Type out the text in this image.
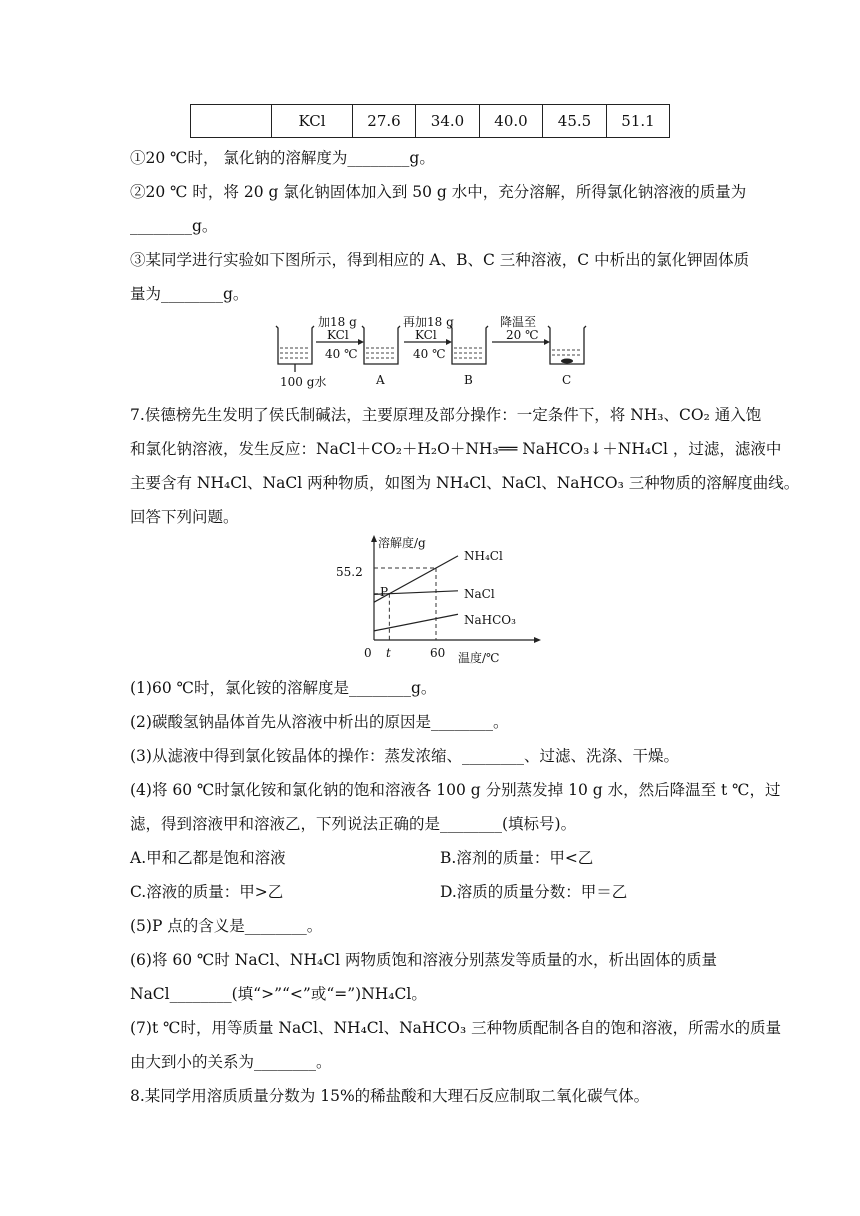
	KCl	27.6	34.0	40.0	45.5	51.1
①20 ℃时， 氯化钠的溶解度为________g。
②20 ℃ 时，将 20 g 氯化钠固体加入到 50 g 水中，充分溶解，所得氯化钠溶液的质量为
________g。
③某同学进行实验如下图所示，得到相应的 A、B、C 三种溶液，C 中析出的氯化钾固体质
量为________g。
加18 g
KCl
40 ℃
再加18 g
KCl
40 ℃
降温至
20 ℃
100 g水	A	B	C
7.侯德榜先生发明了侯氏制碱法，主要原理及部分操作：一定条件下，将 NH₃、CO₂ 通入饱
和氯化钠溶液，发生反应：NaCl＋CO₂＋H₂O＋NH₃══ NaHCO₃↓＋NH₄Cl ，过滤，滤液中
主要含有 NH₄Cl、NaCl 两种物质，如图为 NH₄Cl、NaCl、NaHCO₃ 三种物质的溶解度曲线。
回答下列问题。
溶解度/g
温度/℃
0 t	60
55.2
P
NH₄Cl
NaCl
NaHCO₃
(1)60 ℃时，氯化铵的溶解度是________g。
(2)碳酸氢钠晶体首先从溶液中析出的原因是________。
(3)从滤液中得到氯化铵晶体的操作：蒸发浓缩、________、过滤、洗涤、干燥。
(4)将 60 ℃时氯化铵和氯化钠的饱和溶液各 100 g 分别蒸发掉 10 g 水，然后降温至 t ℃，过
滤，得到溶液甲和溶液乙，下列说法正确的是________(填标号)。
A.甲和乙都是饱和溶液	B.溶剂的质量：甲<乙
C.溶液的质量：甲>乙	D.溶质的质量分数：甲＝乙
(5)P 点的含义是________。
(6)将 60 ℃时 NaCl、NH₄Cl 两物质饱和溶液分别蒸发等质量的水，析出固体的质量
NaCl________(填“>”“<”或“=”)NH₄Cl。
(7)t ℃时，用等质量 NaCl、NH₄Cl、NaHCO₃ 三种物质配制各自的饱和溶液，所需水的质量
由大到小的关系为________。
8.某同学用溶质质量分数为 15%的稀盐酸和大理石反应制取二氧化碳气体。
